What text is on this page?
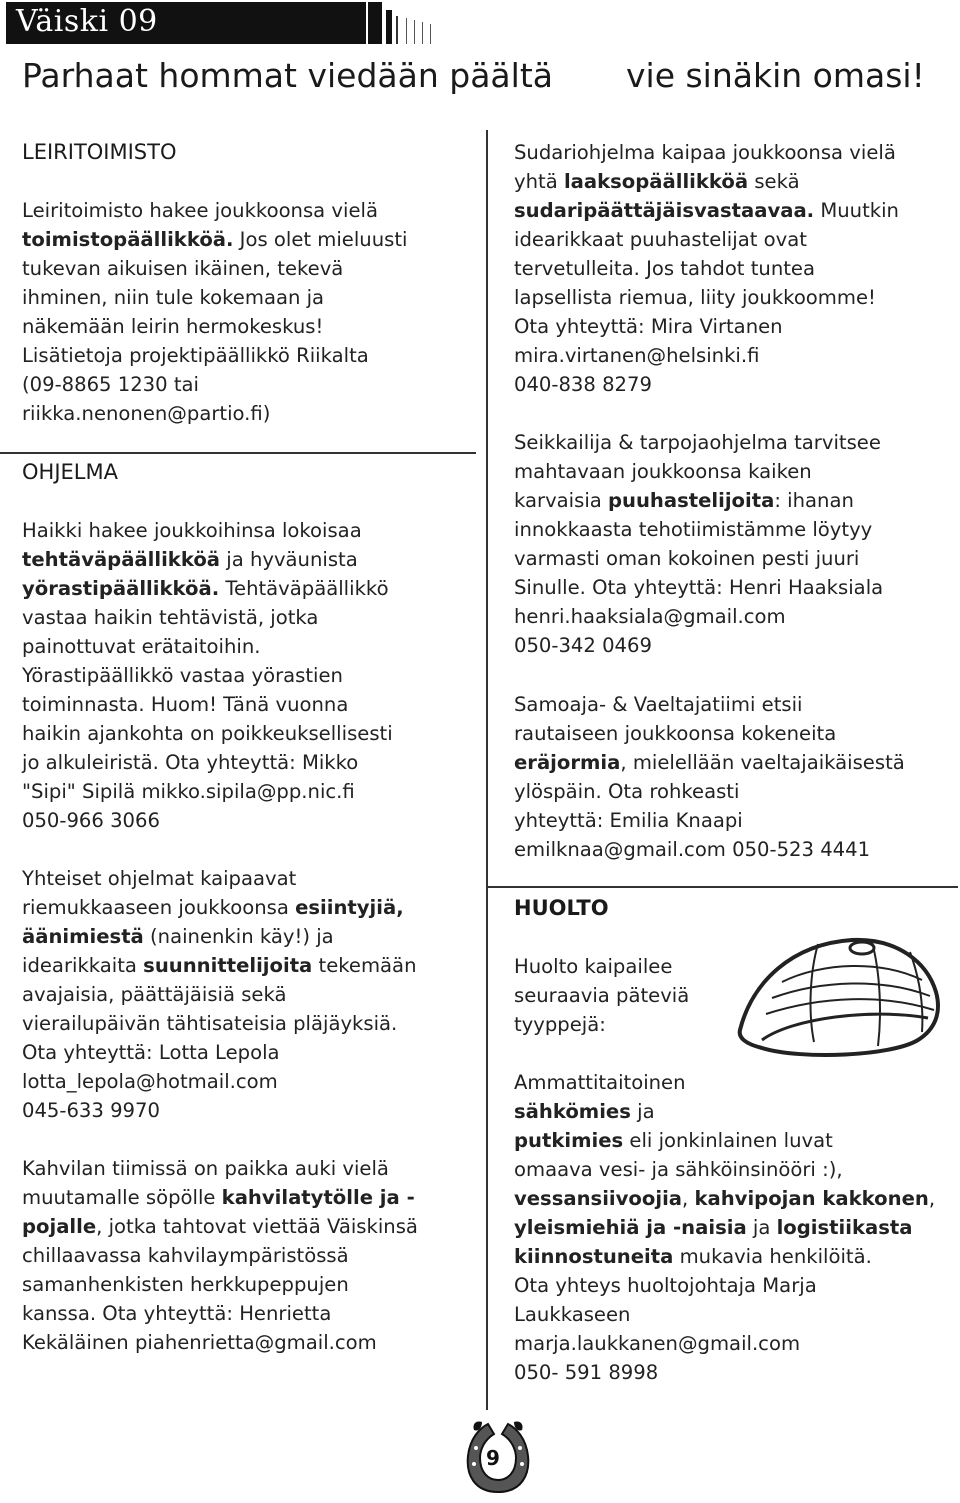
Väiski 09
Parhaat hommat viedään päältä vie sinäkin omasi!
LEIRITOIMISTO
Leiritoimisto hakee joukkoonsa vielä
toimistopäällikköä. Jos olet mieluusti
tukevan aikuisen ikäinen, tekevä
ihminen, niin tule kokemaan ja
näkemään leirin hermokeskus!
Lisätietoja projektipäällikkö Riikalta
(09-8865 1230 tai
riikka.nenonen@partio.fi)
OHJELMA
Haikki hakee joukkoihinsa lokoisaa
tehtäväpäällikköä ja hyväunista
yörastipäällikköä. Tehtäväpäällikkö
vastaa haikin tehtävistä, jotka
painottuvat erätaitoihin.
Yörastipäällikkö vastaa yörastien
toiminnasta. Huom! Tänä vuonna
haikin ajankohta on poikkeuksellisesti
jo alkuleiristä. Ota yhteyttä: Mikko
"Sipi" Sipilä mikko.sipila@pp.nic.fi
050-966 3066
Yhteiset ohjelmat kaipaavat
riemukkaaseen joukkoonsa esiintyjiä,
äänimiestä (nainenkin käy!) ja
idearikkaita suunnittelijoita tekemään
avajaisia, päättäjäisiä sekä
vierailupäivän tähtisateisia pläjäyksiä.
Ota yhteyttä: Lotta Lepola
lotta_lepola@hotmail.com
045-633 9970
Kahvilan tiimissä on paikka auki vielä
muutamalle söpölle kahvilatytölle ja -
pojalle, jotka tahtovat viettää Väiskinsä
chillaavassa kahvilaympäristössä
samanhenkisten herkkupeppujen
kanssa. Ota yhteyttä: Henrietta
Kekäläinen piahenrietta@gmail.com
Sudariohjelma kaipaa joukkoonsa vielä
yhtä laaksopäällikköä sekä
sudaripäättäjäisvastaavaa. Muutkin
idearikkaat puuhastelijat ovat
tervetulleita. Jos tahdot tuntea
lapsellista riemua, liity joukkoomme!
Ota yhteyttä: Mira Virtanen
mira.virtanen@helsinki.fi
040-838 8279
Seikkailija & tarpojaohjelma tarvitsee
mahtavaan joukkoonsa kaiken
karvaisia puuhastelijoita: ihanan
innokkaasta tehotiimistämme löytyy
varmasti oman kokoinen pesti juuri
Sinulle. Ota yhteyttä: Henri Haaksiala
henri.haaksiala@gmail.com
050-342 0469
Samoaja- & Vaeltajatiimi etsii
rautaiseen joukkoonsa kokeneita
eräjormia, mielellään vaeltajaikäisestä
ylöspäin. Ota rohkeasti
yhteyttä: Emilia Knaapi
emilknaa@gmail.com 050-523 4441
HUOLTO
Huolto kaipailee
seuraavia päteviä
tyyppejä:
Ammattitaitoinen
sähkömies ja
putkimies eli jonkinlainen luvat
omaava vesi- ja sähköinsinööri :),
vessansiivoojia, kahvipojan kakkonen,
yleismiehiä ja -naisia ja logistiikasta
kiinnostuneita mukavia henkilöitä.
Ota yhteys huoltojohtaja Marja
Laukkaseen
marja.laukkanen@gmail.com
050- 591 8998
9
